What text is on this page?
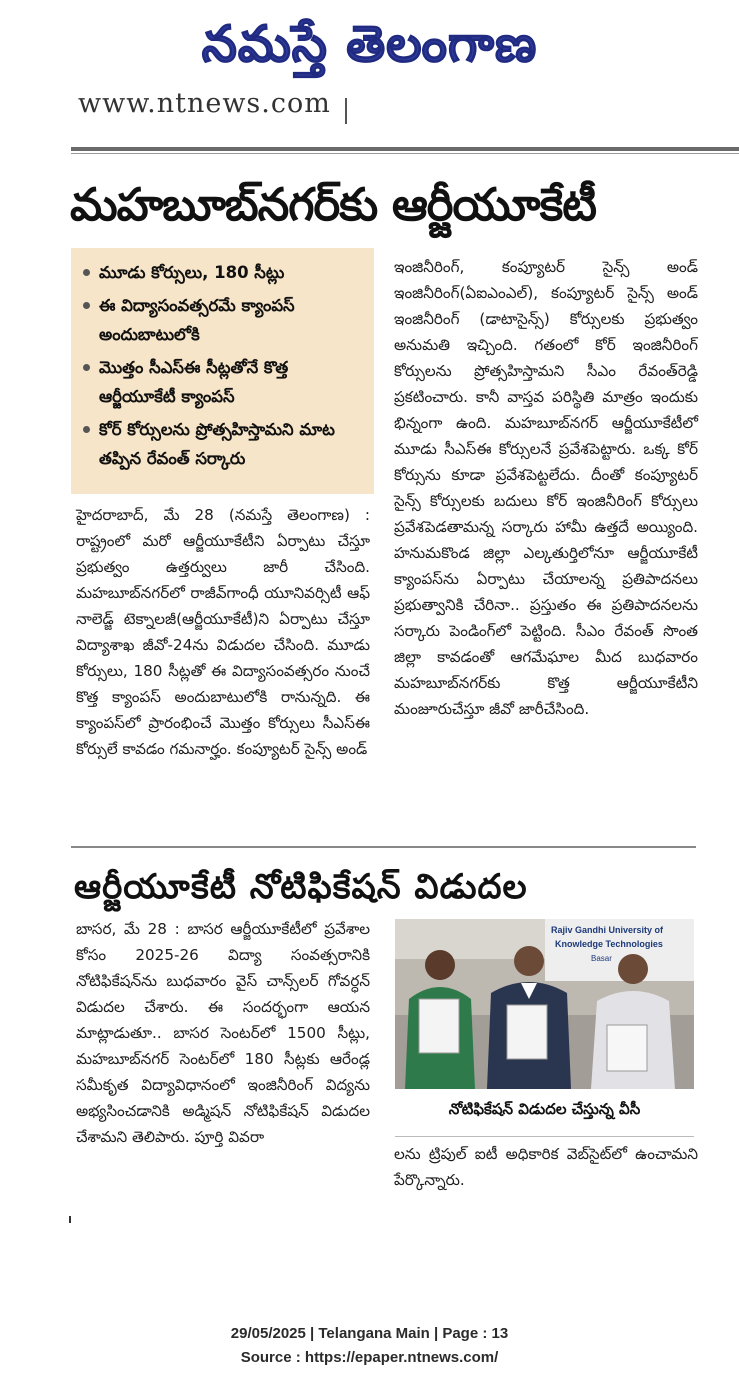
నమస్తే తెలంగాణ
www.ntnews.com
మహబూబ్‌నగర్‌కు ఆర్జీయూకేటీ
మూడు కోర్సులు, 180 సీట్లు
ఈ విద్యాసంవత్సరమే క్యాంపస్ అందుబాటులోకి
మొత్తం సీఎస్‌ఈ సీట్లతోనే కొత్త ఆర్జీయూకేటీ క్యాంపస్
కోర్ కోర్సులను ప్రోత్సహిస్తామని మాట తప్పిన రేవంత్ సర్కారు
హైదరాబాద్, మే 28 (నమస్తే తెలంగాణ) : రాష్ట్రంలో మరో ఆర్జీయూకేటీని ఏర్పాటు చేస్తూ ప్రభుత్వం ఉత్తర్వులు జారీ చేసింది. మహబూబ్‌నగర్‌లో రాజీవ్‌గాంధీ యూనివర్సిటీ ఆఫ్ నాలెడ్జ్ టెక్నాలజీ(ఆర్జీయూకేటీ)ని ఏర్పాటు చేస్తూ విద్యాశాఖ జీవో-24ను విడుదల చేసింది. మూడు కోర్సులు, 180 సీట్లతో ఈ విద్యాసంవత్సరం నుంచే కొత్త క్యాంపస్ అందుబాటులోకి రానున్నది. ఈ క్యాంపస్‌లో ప్రారంభించే మొత్తం కోర్సులు సీఎస్‌ఈ కోర్సులే కావడం గమనార్హం. కంప్యూటర్ సైన్స్ అండ్
ఇంజినీరింగ్, కంప్యూటర్ సైన్స్ అండ్ ఇంజినీరింగ్(ఏఐఎంఎల్), కంప్యూటర్ సైన్స్ అండ్ ఇంజినీరింగ్ (డాటాసైన్స్) కోర్సులకు ప్రభుత్వం అనుమతి ఇచ్చింది. గతంలో కోర్ ఇంజినీరింగ్ కోర్సులను ప్రోత్సహిస్తామని సీఎం రేవంత్‌రెడ్డి ప్రకటించారు. కానీ వాస్తవ పరిస్థితి మాత్రం ఇందుకు భిన్నంగా ఉంది. మహబూబ్‌నగర్ ఆర్జీయూకేటీలో మూడు సీఎస్‌ఈ కోర్సులనే ప్రవేశపెట్టారు. ఒక్క కోర్ కోర్సును కూడా ప్రవేశపెట్టలేదు. దీంతో కంప్యూటర్ సైన్స్ కోర్సులకు బదులు కోర్ ఇంజినీరింగ్ కోర్సులు ప్రవేశపెడతామన్న సర్కారు హామీ ఉత్తదే అయ్యింది. హనుమకొండ జిల్లా ఎల్కతుర్తిలోనూ ఆర్జీయూకేటీ క్యాంపస్‌ను ఏర్పాటు చేయాలన్న ప్రతిపాదనలు ప్రభుత్వానికి చేరినా.. ప్రస్తుతం ఈ ప్రతిపాదనలను సర్కారు పెండింగ్‌లో పెట్టింది. సీఎం రేవంత్ సొంత జిల్లా కావడంతో ఆగమేఘాల మీద బుధవారం మహబూబ్‌నగర్‌కు కొత్త ఆర్జీయూకేటీని మంజూరుచేస్తూ జీవో జారీచేసింది.
ఆర్జీయూకేటీ నోటిఫికేషన్ విడుదల
బాసర, మే 28 : బాసర ఆర్జీయూకేటీలో ప్రవేశాల కోసం 2025-26 విద్యా సంవత్సరానికి నోటిఫికేషన్‌ను బుధవారం వైస్ చాన్స్‌లర్ గోవర్ధన్ విడుదల చేశారు. ఈ సందర్భంగా ఆయన మాట్లాడుతూ.. బాసర సెంటర్‌లో 1500 సీట్లు, మహబూబ్‌నగర్ సెంటర్‌లో 180 సీట్లకు ఆరేండ్ల సమీకృత విద్యావిధానంలో ఇంజినీరింగ్ విద్యను అభ్యసించడానికి అడ్మిషన్ నోటిఫికేషన్ విడుదల చేశామని తెలిపారు. పూర్తి వివరా
Rajiv Gandhi University of
Knowledge Technologies
Basar
నోటిఫికేషన్ విడుదల చేస్తున్న వీసీ
లను ట్రిపుల్ ఐటీ అధికారిక వెబ్‌సైట్‌లో ఉంచామని పేర్కొన్నారు.
29/05/2025 | Telangana Main | Page : 13
Source : https://epaper.ntnews.com/
